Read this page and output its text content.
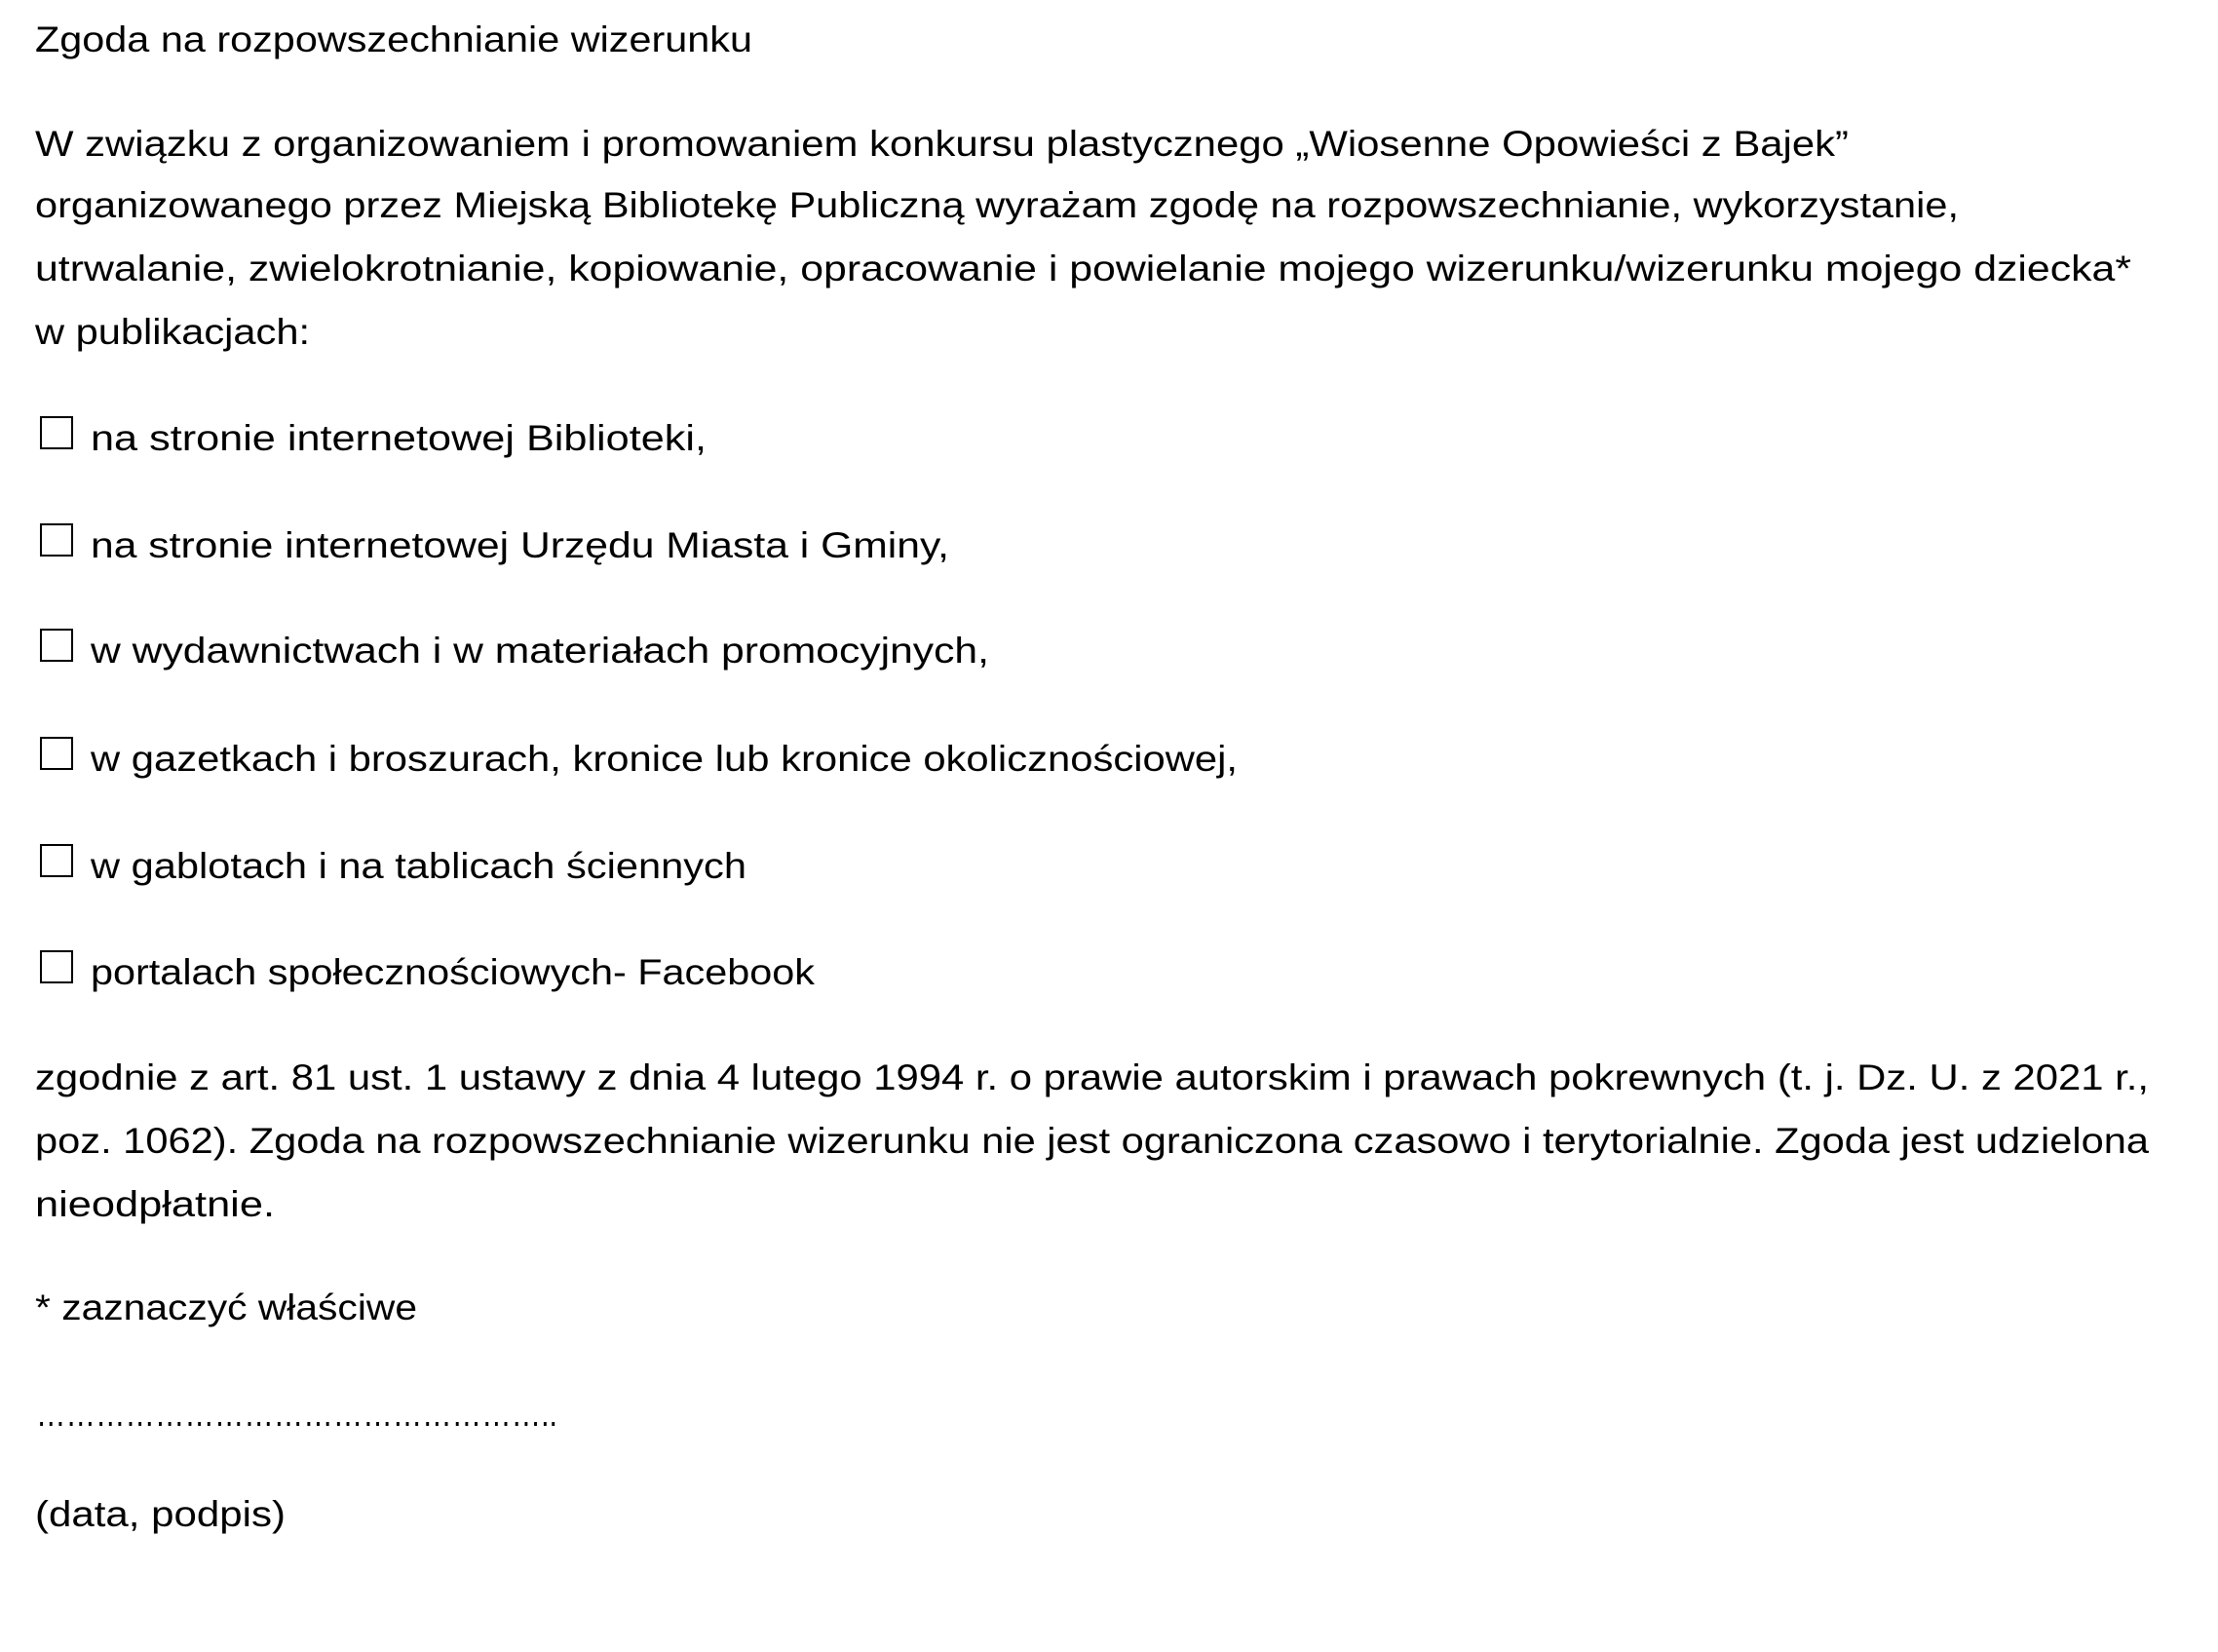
Zgoda na rozpowszechnianie wizerunku
W związku z organizowaniem i promowaniem konkursu plastycznego „Wiosenne Opowieści z Bajek”
organizowanego przez Miejską Bibliotekę Publiczną wyrażam zgodę na rozpowszechnianie, wykorzystanie,
utrwalanie, zwielokrotnianie, kopiowanie, opracowanie i powielanie mojego wizerunku/wizerunku mojego dziecka*
w publikacjach:
na stronie internetowej Biblioteki,
na stronie internetowej Urzędu Miasta i Gminy,
w wydawnictwach i w materiałach promocyjnych,
w gazetkach i broszurach, kronice lub kronice okolicznościowej,
w gablotach i na tablicach ściennych
portalach społecznościowych- Facebook
zgodnie z art. 81 ust. 1 ustawy z dnia 4 lutego 1994 r. o prawie autorskim i prawach pokrewnych (t. j. Dz. U. z 2021 r.,
poz. 1062). Zgoda na rozpowszechnianie wizerunku nie jest ograniczona czasowo i terytorialnie. Zgoda jest udzielona
nieodpłatnie.
* zaznaczyć właściwe
……………………………………………..
(data, podpis)
